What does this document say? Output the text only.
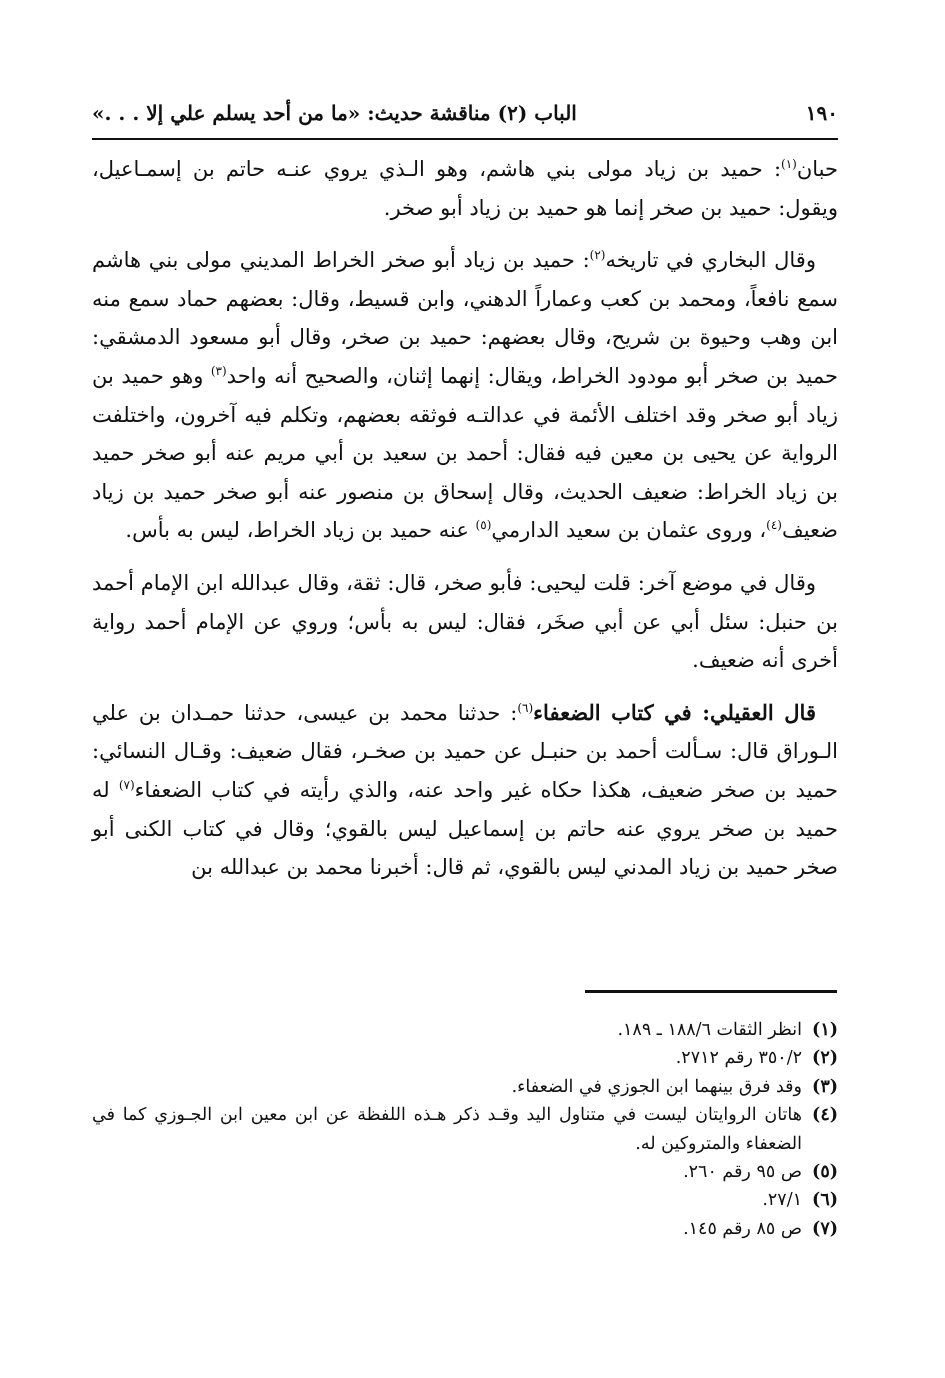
١٩٠
الباب (٢) مناقشة حديث: «ما من أحد يسلم علي إلا . . .»

حبان$^{(١)}$: حميد بن زياد مولى بني هاشم، وهو الـذي يروي عنـه حاتم بن إسمـاعيل، ويقول: حميد بن صخر إنما هو حميد بن زياد أبو صخر.

وقال البخاري في تاريخه$^{(٢)}$: حميد بن زياد أبو صخر الخراط المديني مولى بني هاشم سمع نافعاً، ومحمد بن كعب وعماراً الدهني، وابن قسيط، وقال: بعضهم حماد سمع منه ابن وهب وحيوة بن شريح، وقال بعضهم: حميد بن صخر، وقال أبو مسعود الدمشقي: حميد بن صخر أبو مودود الخراط، ويقال: إنهما إثنان، والصحيح أنه واحد$^{(٣)}$ وهو حميد بن زياد أبو صخر وقد اختلف الأئمة في عدالتـه فوثقه بعضهم، وتكلم فيه آخرون، واختلفت الرواية عن يحيى بن معين فيه فقال: أحمد بن سعيد بن أبي مريم عنه أبو صخر حميد بن زياد الخراط: ضعيف الحديث، وقال إسحاق بن منصور عنه أبو صخر حميد بن زياد ضعيف$^{(٤)}$، وروى عثمان بن سعيد الدارمي$^{(٥)}$ عنه حميد بن زياد الخراط، ليس به بأس.

وقال في موضع آخر: قلت ليحيى: فأبو صخر، قال: ثقة، وقال عبدالله ابن الإمام أحمد بن حنبل: سئل أبي عن أبي صخَر، فقال: ليس به بأس؛ وروي عن الإمام أحمد رواية أخرى أنه ضعيف.

قال العقيلي: في كتاب الضعفاء$^{(٦)}$: حدثنا محمد بن عيسى، حدثنا حمـدان بن علي الـوراق قال: سـألت أحمد بن حنبـل عن حميد بن صخـر، فقال ضعيف: وقـال النسائي: حميد بن صخر ضعيف، هكذا حكاه غير واحد عنه، والذي رأيته في كتاب الضعفاء$^{(٧)}$ له حميد بن صخر يروي عنه حاتم بن إسماعيل ليس بالقوي؛ وقال في كتاب الكنى أبو صخر حميد بن زياد المدني ليس بالقوي، ثم قال: أخبرنا محمد بن عبدالله بن

(١)
انظر الثقات ١٨٨/٦ ـ ١٨٩.
(٢)
٣٥٠/٢ رقم ٢٧١٢.
(٣)
وقد فرق بينهما ابن الجوزي في الضعفاء.
(٤)
هاتان الروايتان ليست في متناول اليد وقـد ذكر هـذه اللفظة عن ابن معين ابن الجـوزي كما في الضعفاء والمتروكين له.
(٥)
ص ٩٥ رقم ٢٦٠.
(٦)
٢٧/١.
(٧)
ص ٨٥ رقم ١٤٥.
